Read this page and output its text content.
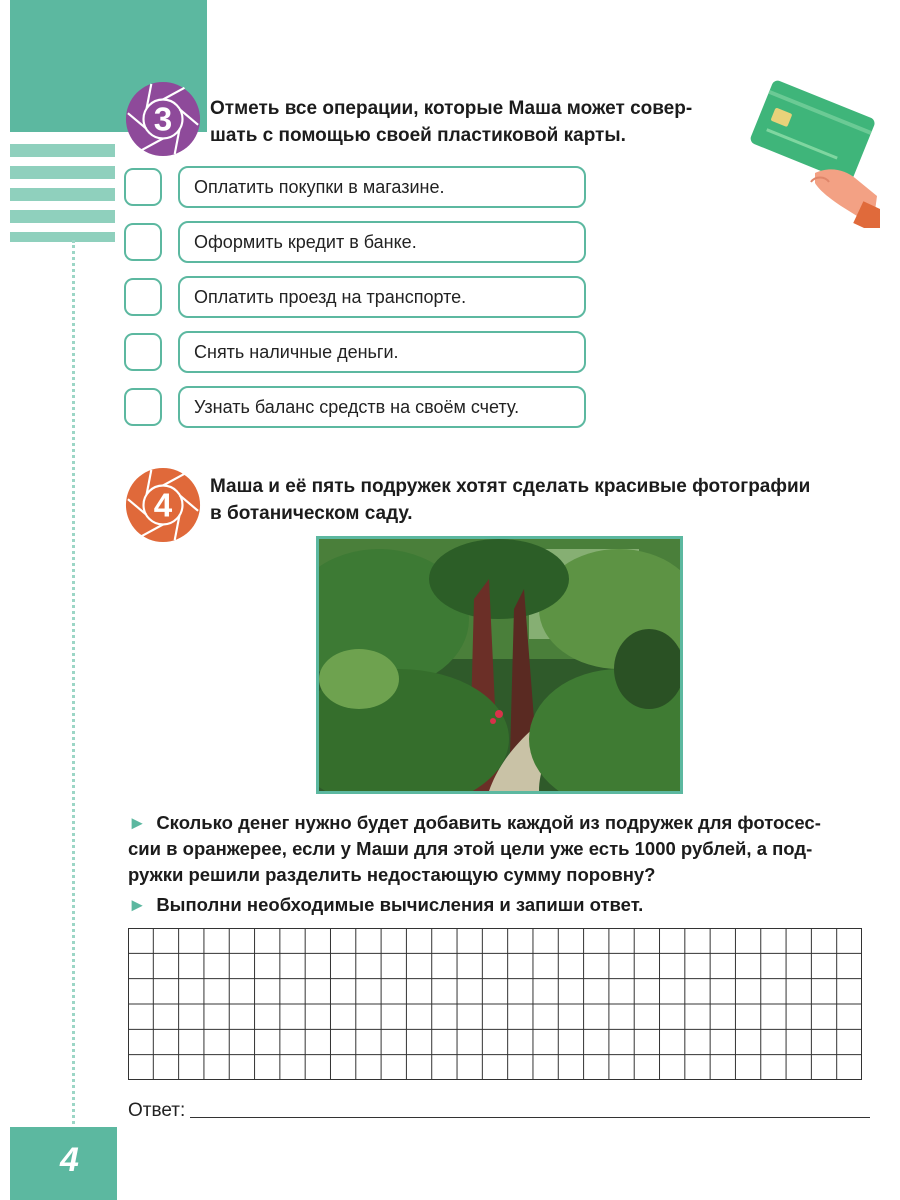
3 Отметь все операции, которые Маша может совер-
шать с помощью своей пластиковой карты.
Оплатить покупки в магазине.
Оформить кредит в банке.
Оплатить проезд на транспорте.
Снять наличные деньги.
Узнать баланс средств на своём счету.
4
Маша и её пять подружек хотят сделать красивые фотографии
в ботаническом саду.
► Сколько денег нужно будет добавить каждой из подружек для фотосес-
сии в оранжерее, если у Маши для этой цели уже есть 1000 рублей, а под-
ружки решили разделить недостающую сумму поровну?
► Выполни необходимые вычисления и запиши ответ.
Ответ:
4
